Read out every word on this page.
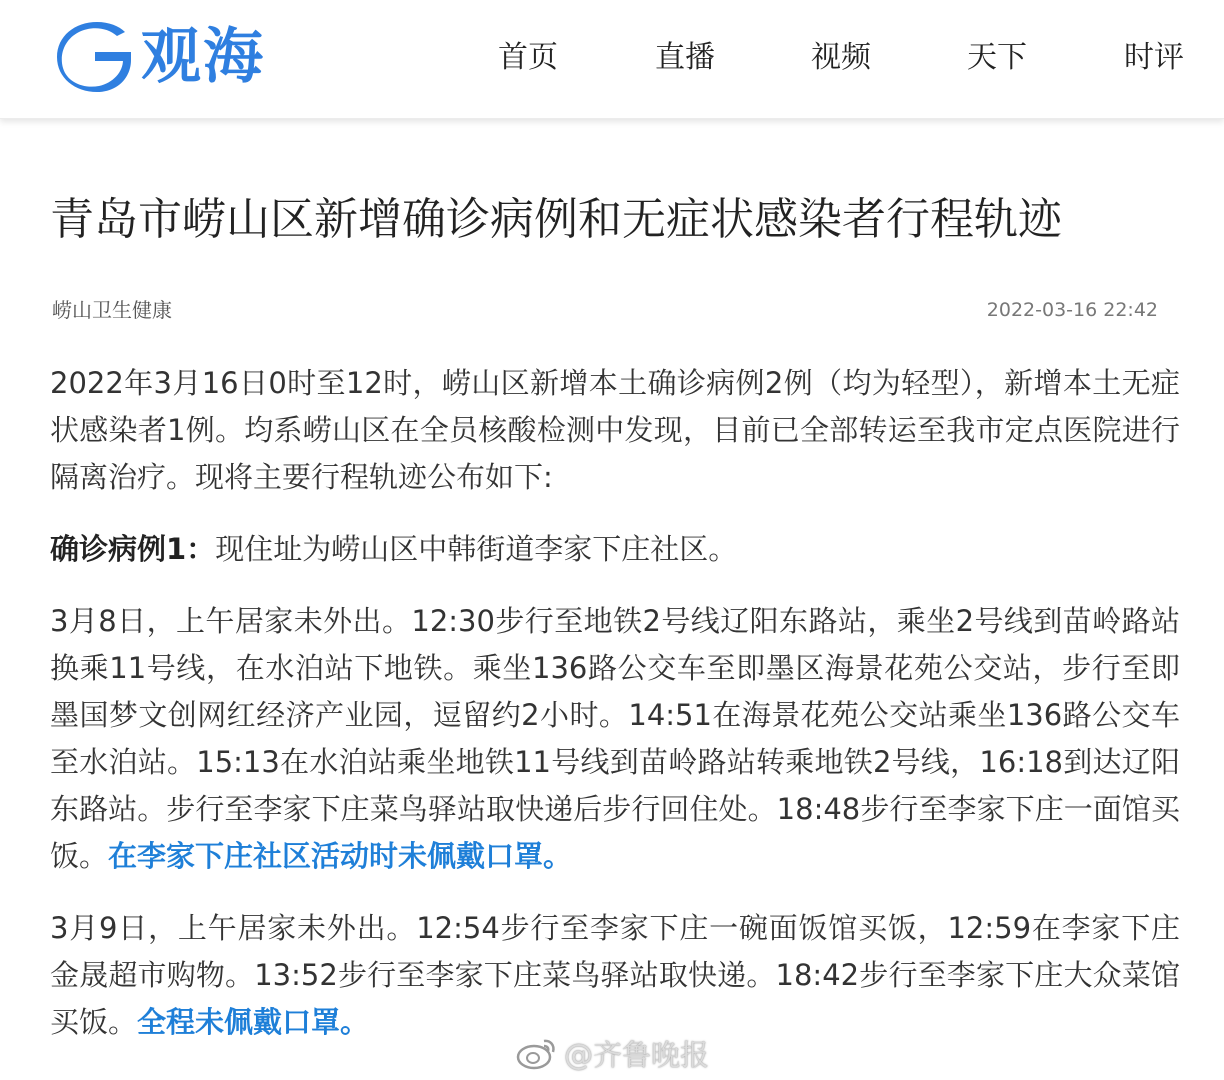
观海	首页	直播	视频	天下	时评
青岛市崂山区新增确诊病例和无症状感染者行程轨迹
崂山卫生健康	2022-03-16 22:42

2022年3月16日0时至12时，崂山区新增本土确诊病例2例（均为轻型），新增本土无症状感染者1例。均系崂山区在全员核酸检测中发现，目前已全部转运至我市定点医院进行隔离治疗。现将主要行程轨迹公布如下:

确诊病例1：现住址为崂山区中韩街道李家下庄社区。

3月8日，上午居家未外出。12:30步行至地铁2号线辽阳东路站，乘坐2号线到苗岭路站换乘11号线，在水泊站下地铁。乘坐136路公交车至即墨区海景花苑公交站，步行至即墨国梦文创网红经济产业园，逗留约2小时。14:51在海景花苑公交站乘坐136路公交车至水泊站。15:13在水泊站乘坐地铁11号线到苗岭路站转乘地铁2号线，16:18到达辽阳东路站。步行至李家下庄菜鸟驿站取快递后步行回住处。18:48步行至李家下庄一面馆买饭。在李家下庄社区活动时未佩戴口罩。

3月9日，上午居家未外出。12:54步行至李家下庄一碗面饭馆买饭，12:59在李家下庄金晟超市购物。13:52步行至李家下庄菜鸟驿站取快递。18:42步行至李家下庄大众菜馆买饭。全程未佩戴口罩。

@齐鲁晚报
